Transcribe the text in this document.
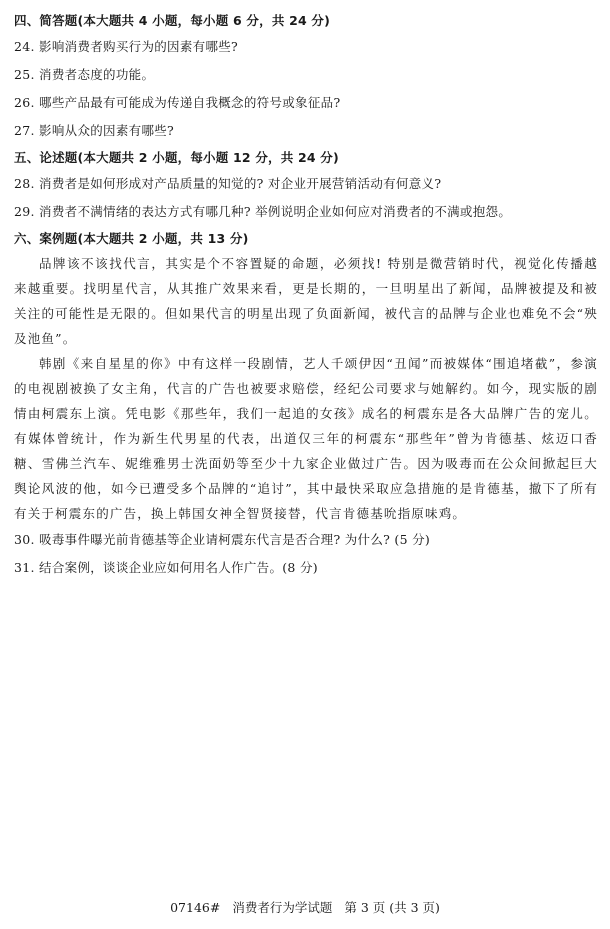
四、简答题(本大题共 4 小题，每小题 6 分，共 24 分)
24. 影响消费者购买行为的因素有哪些?
25. 消费者态度的功能。
26. 哪些产品最有可能成为传递自我概念的符号或象征品?
27. 影响从众的因素有哪些?
五、论述题(本大题共 2 小题，每小题 12 分，共 24 分)
28. 消费者是如何形成对产品质量的知觉的? 对企业开展营销活动有何意义?
29. 消费者不满情绪的表达方式有哪几种? 举例说明企业如何应对消费者的不满或抱怨。
六、案例题(本大题共 2 小题，共 13 分)

品牌该不该找代言，其实是个不容置疑的命题，必须找! 特别是微营销时代，视觉化传播越来越重要。找明星代言，从其推广效果来看，更是长期的，一旦明星出了新闻，品牌被提及和被关注的可能性是无限的。但如果代言的明星出现了负面新闻，被代言的品牌与企业也难免不会“殃及池鱼”。

韩剧《来自星星的你》中有这样一段剧情，艺人千颂伊因“丑闻”而被媒体“围追堵截”，参演的电视剧被换了女主角，代言的广告也被要求赔偿，经纪公司要求与她解约。如今，现实版的剧情由柯震东上演。凭电影《那些年，我们一起追的女孩》成名的柯震东是各大品牌广告的宠儿。有媒体曾统计，作为新生代男星的代表，出道仅三年的柯震东“那些年”曾为肯德基、炫迈口香糖、雪佛兰汽车、妮维雅男士洗面奶等至少十九家企业做过广告。因为吸毒而在公众间掀起巨大舆论风波的他，如今已遭受多个品牌的“追讨”，其中最快采取应急措施的是肯德基，撤下了所有有关于柯震东的广告，换上韩国女神全智贤接替，代言肯德基吮指原味鸡。

30. 吸毒事件曝光前肯德基等企业请柯震东代言是否合理? 为什么? (5 分)
31. 结合案例，谈谈企业应如何用名人作广告。(8 分)
07146# 消费者行为学试题 第 3 页 (共 3 页)
